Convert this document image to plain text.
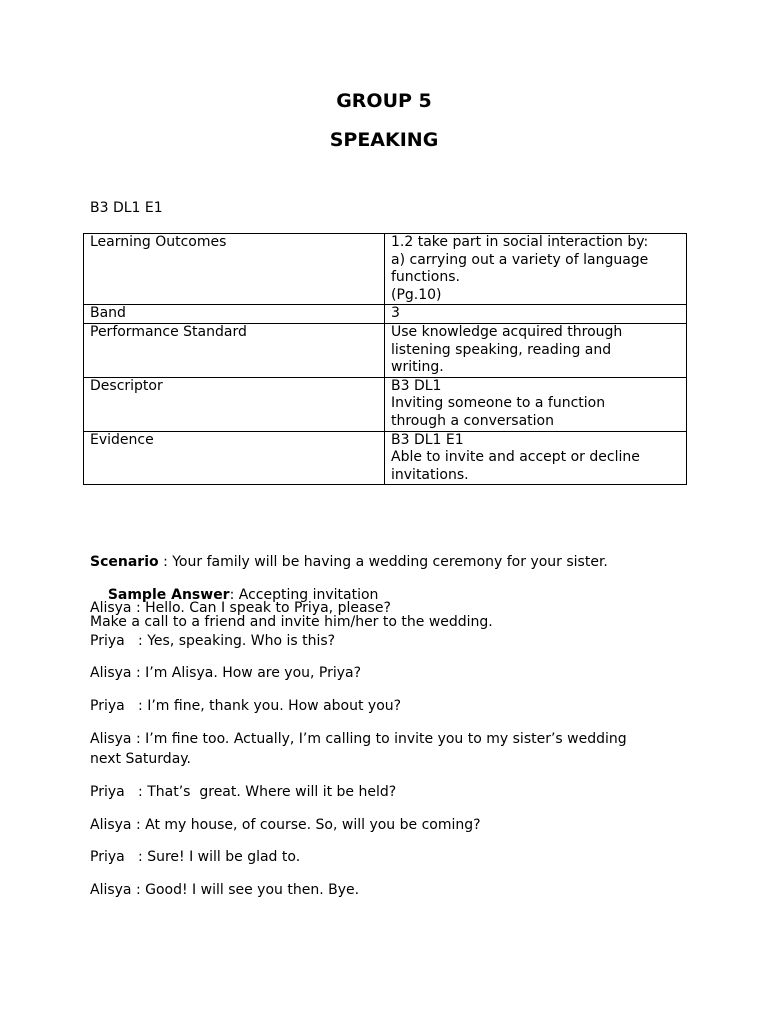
GROUP 5
SPEAKING
B3 DL1 E1
Learning Outcomes	1.2 take part in social interaction by:
a) carrying out a variety of language
functions.
(Pg.10)

Band	3

Performance Standard	Use knowledge acquired through
listening speaking, reading and
writing.

Descriptor	B3 DL1
Inviting someone to a function
through a conversation

Evidence	B3 DL1 E1
Able to invite and accept or decline
invitations.

Scenario : Your family will be having a wedding ceremony for your sister.

Make a call to a friend and invite him/her to the wedding.

Sample Answer: Accepting invitation

Alisya : Hello. Can I speak to Priya, please?
Priya   : Yes, speaking. Who is this?
Alisya : I’m Alisya. How are you, Priya?
Priya   : I’m fine, thank you. How about you?
Alisya : I’m fine too. Actually, I’m calling to invite you to my sister’s wedding
next Saturday.
Priya   : That’s  great. Where will it be held?
Alisya : At my house, of course. So, will you be coming?
Priya   : Sure! I will be glad to.
Alisya : Good! I will see you then. Bye.
